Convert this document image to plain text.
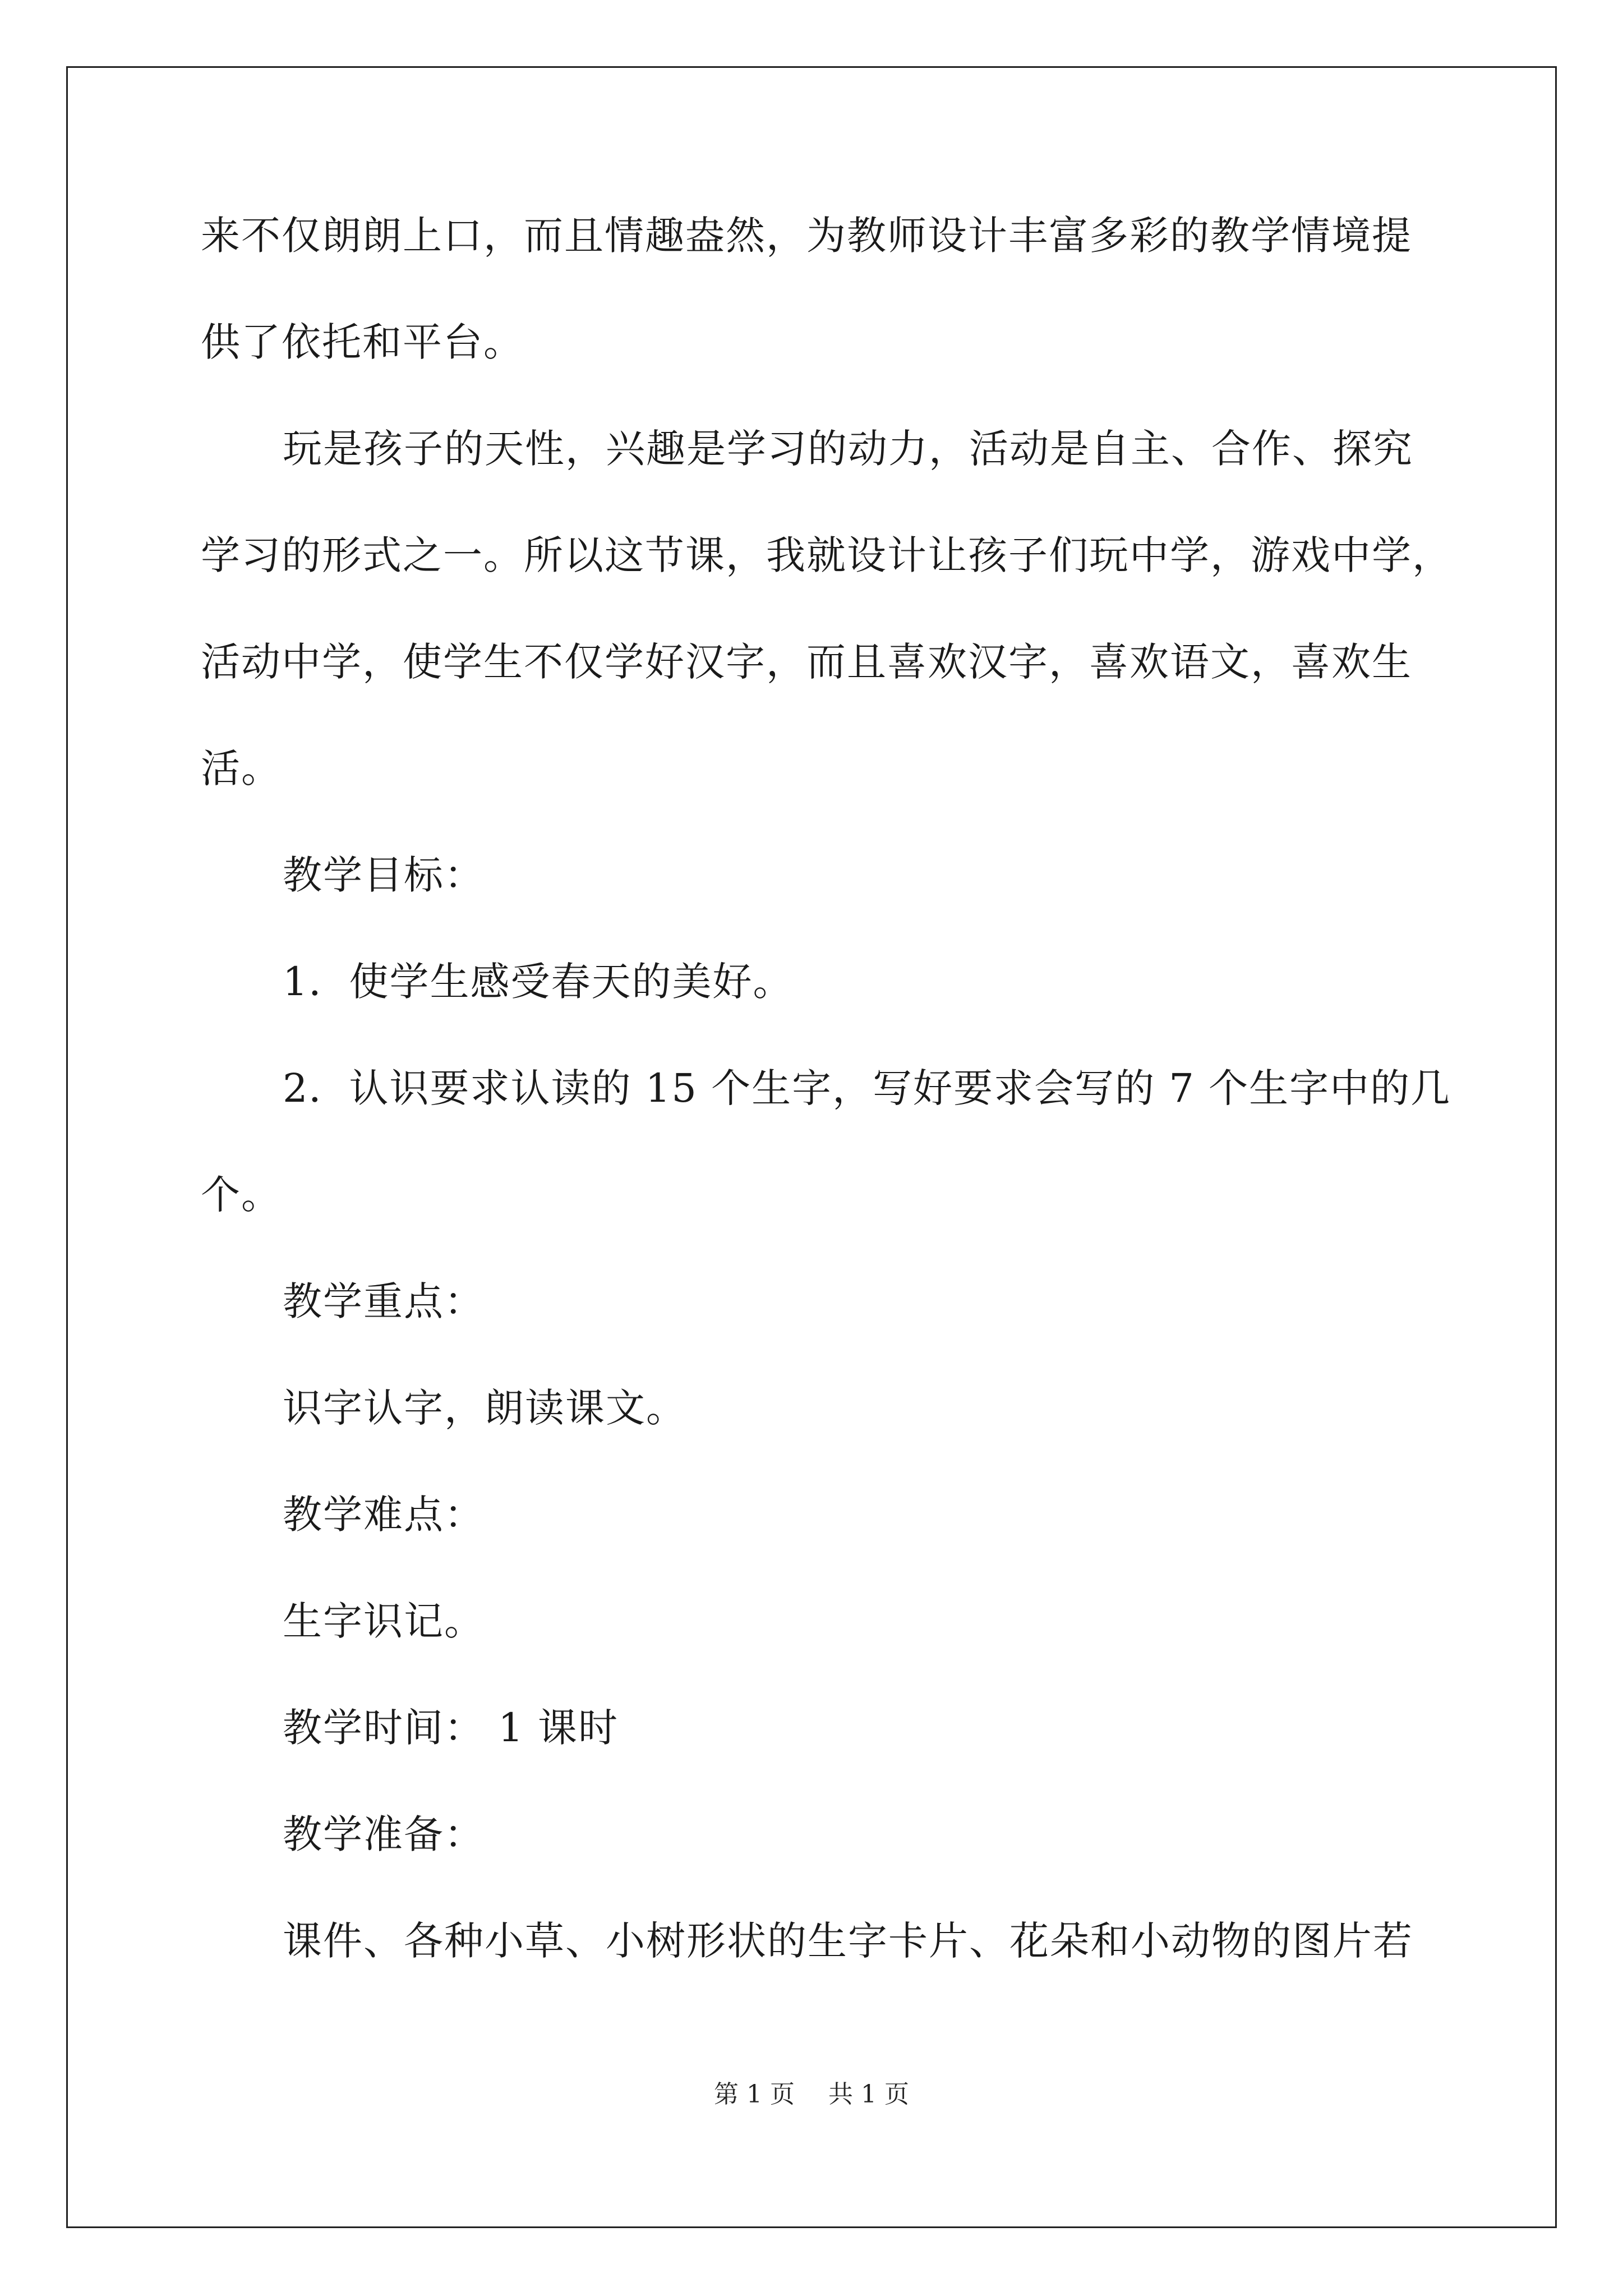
来不仅朗朗上口，而且情趣盎然，为教师设计丰富多彩的教学情境提
供了依托和平台。
玩是孩子的天性，兴趣是学习的动力，活动是自主、合作、探究
学习的形式之一。所以这节课，我就设计让孩子们玩中学，游戏中学，
活动中学，使学生不仅学好汉字，而且喜欢汉字，喜欢语文，喜欢生
活。
教学目标：
1．使学生感受春天的美好。
2．认识要求认读的 15 个生字，写好要求会写的 7 个生字中的几
个。
教学重点：
识字认字，朗读课文。
教学难点：
生字识记。
教学时间： 1 课时
教学准备：
课件、各种小草、小树形状的生字卡片、花朵和小动物的图片若
第 1 页 共 1 页
